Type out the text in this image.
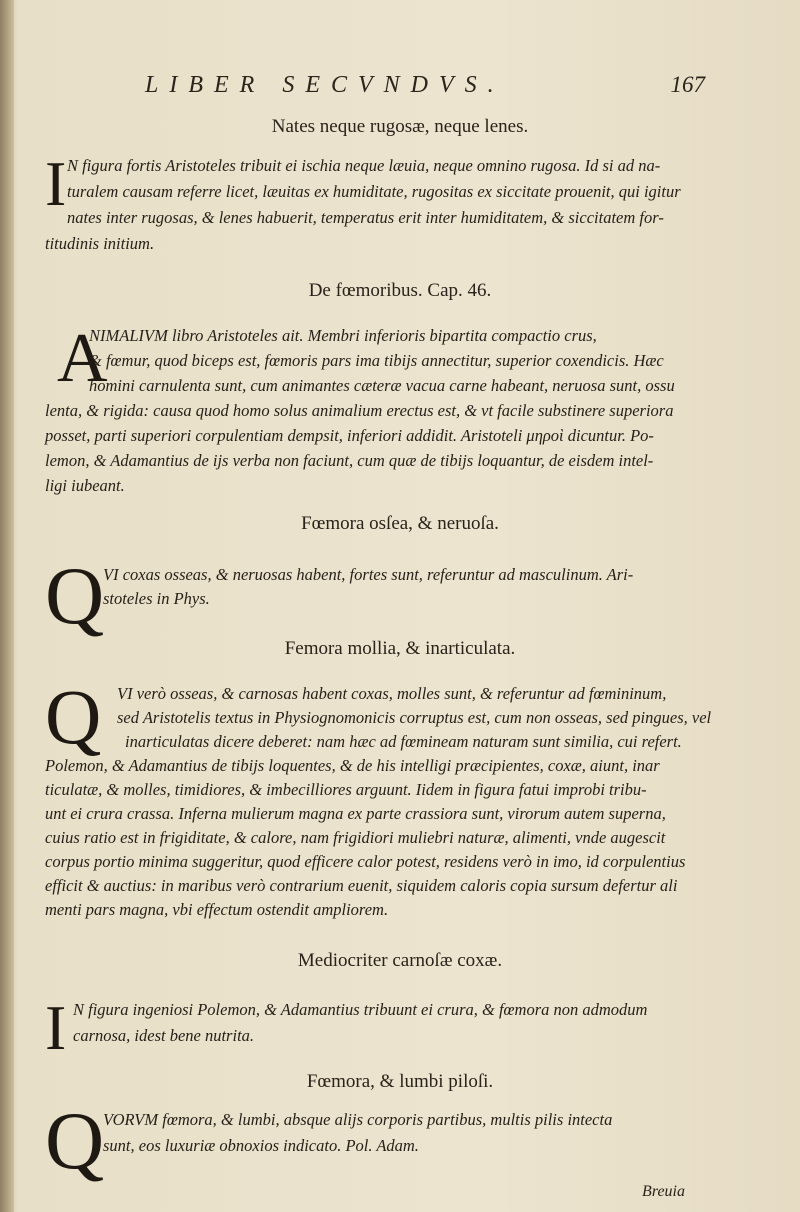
LIBER SECVNDVS.	167
Nates neque rugosæ, neque lenes.
I N figura fortis Aristoteles tribuit ei ischia neque læuia, neque omnino rugosa. Id si ad na-
turalem causam referre licet, læuitas ex humiditate, rugositas ex siccitate prouenit, qui igitur
nates inter rugosas, & lenes habuerit, temperatus erit inter humiditatem, & siccitatem for-
titudinis initium.
De fœmoribus. Cap. 46.
A
NIMALIVM libro Aristoteles ait. Membri inferioris bipartita compactio crus,
& fœmur, quod biceps est, fœmoris pars ima tibijs annectitur, superior coxendicis. Hæc
homini carnulenta sunt, cum animantes cæteræ vacua carne habeant, neruosa sunt, ossu
lenta, & rigida: causa quod homo solus animalium erectus est, & vt facile substinere superiora
posset, parti superiori corpulentiam dempsit, inferiori addidit. Aristoteli μηροὶ dicuntur. Po-
lemon, & Adamantius de ijs verba non faciunt, cum quæ de tibijs loquantur, de eisdem intel-
ligi iubeant.
Fœmora osſea, & neruoſa.
Q
VI coxas osseas, & neruosas habent, fortes sunt, referuntur ad masculinum. Ari-
stoteles in Phys.
Femora mollia, & inarticulata.
Q VI verò osseas, & carnosas habent coxas, molles sunt, & referuntur ad fœmininum,
sed Aristotelis textus in Physiognomonicis corruptus est, cum non osseas, sed pingues, vel
inarticulatas dicere deberet: nam hæc ad fœmineam naturam sunt similia, cui refert.
Polemon, & Adamantius de tibijs loquentes, & de his intelligi præcipientes, coxæ, aiunt, inar
ticulatæ, & molles, timidiores, & imbecilliores arguunt. Iidem in figura fatui improbi tribu-
unt ei crura crassa. Inferna mulierum magna ex parte crassiora sunt, virorum autem superna,
cuius ratio est in frigiditate, & calore, nam frigidiori muliebri naturæ, alimenti, vnde augescit
corpus portio minima suggeritur, quod efficere calor potest, residens verò in imo, id corpulentius
efficit & auctius: in maribus verò contrarium euenit, siquidem caloris copia sursum defertur ali
menti pars magna, vbi effectum ostendit ampliorem.
Mediocriter carnoſæ coxæ.
I N figura ingeniosi Polemon, & Adamantius tribuunt ei crura, & fœmora non admodum
carnosa, idest bene nutrita.
Fœmora, & lumbi piloſi.
Q
VORVM fœmora, & lumbi, absque alijs corporis partibus, multis pilis intecta
sunt, eos luxuriæ obnoxios indicato. Pol. Adam.
Breuia
